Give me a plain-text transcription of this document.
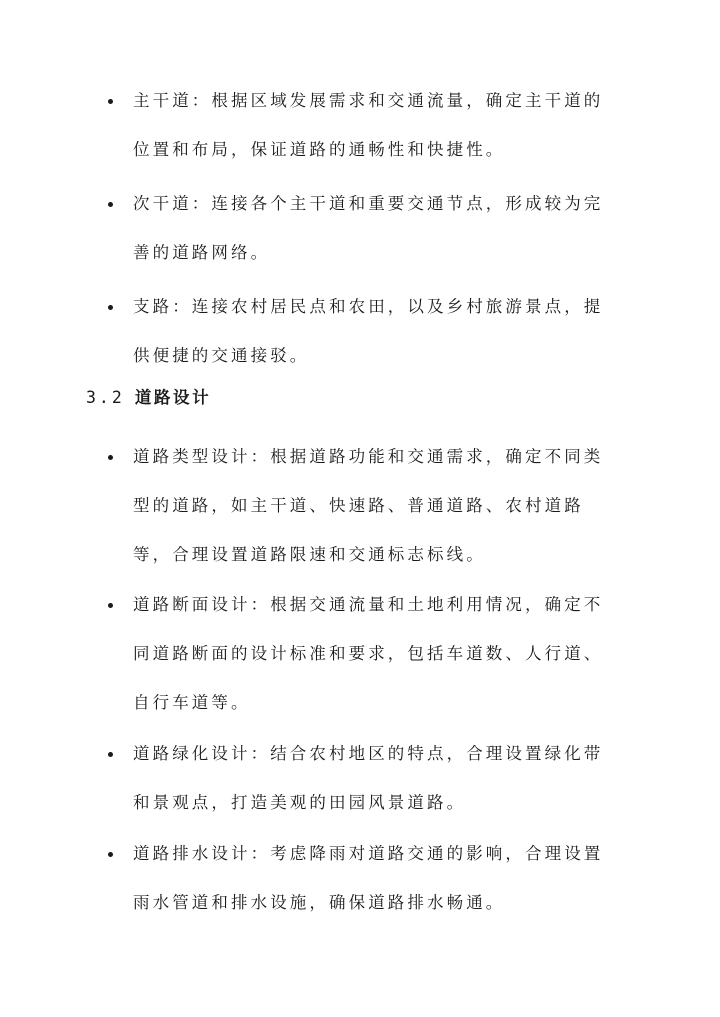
主干道：根据区域发展需求和交通流量，确定主干道的位置和布局，保证道路的通畅性和快捷性。

次干道：连接各个主干道和重要交通节点，形成较为完善的道路网络。

支路：连接农村居民点和农田，以及乡村旅游景点，提供便捷的交通接驳。

3.2 道路设计

道路类型设计：根据道路功能和交通需求，确定不同类型的道路，如主干道、快速路、普通道路、农村道路等，合理设置道路限速和交通标志标线。

道路断面设计：根据交通流量和土地利用情况，确定不同道路断面的设计标准和要求，包括车道数、人行道、自行车道等。

道路绿化设计：结合农村地区的特点，合理设置绿化带和景观点，打造美观的田园风景道路。

道路排水设计：考虑降雨对道路交通的影响，合理设置雨水管道和排水设施，确保道路排水畅通。
